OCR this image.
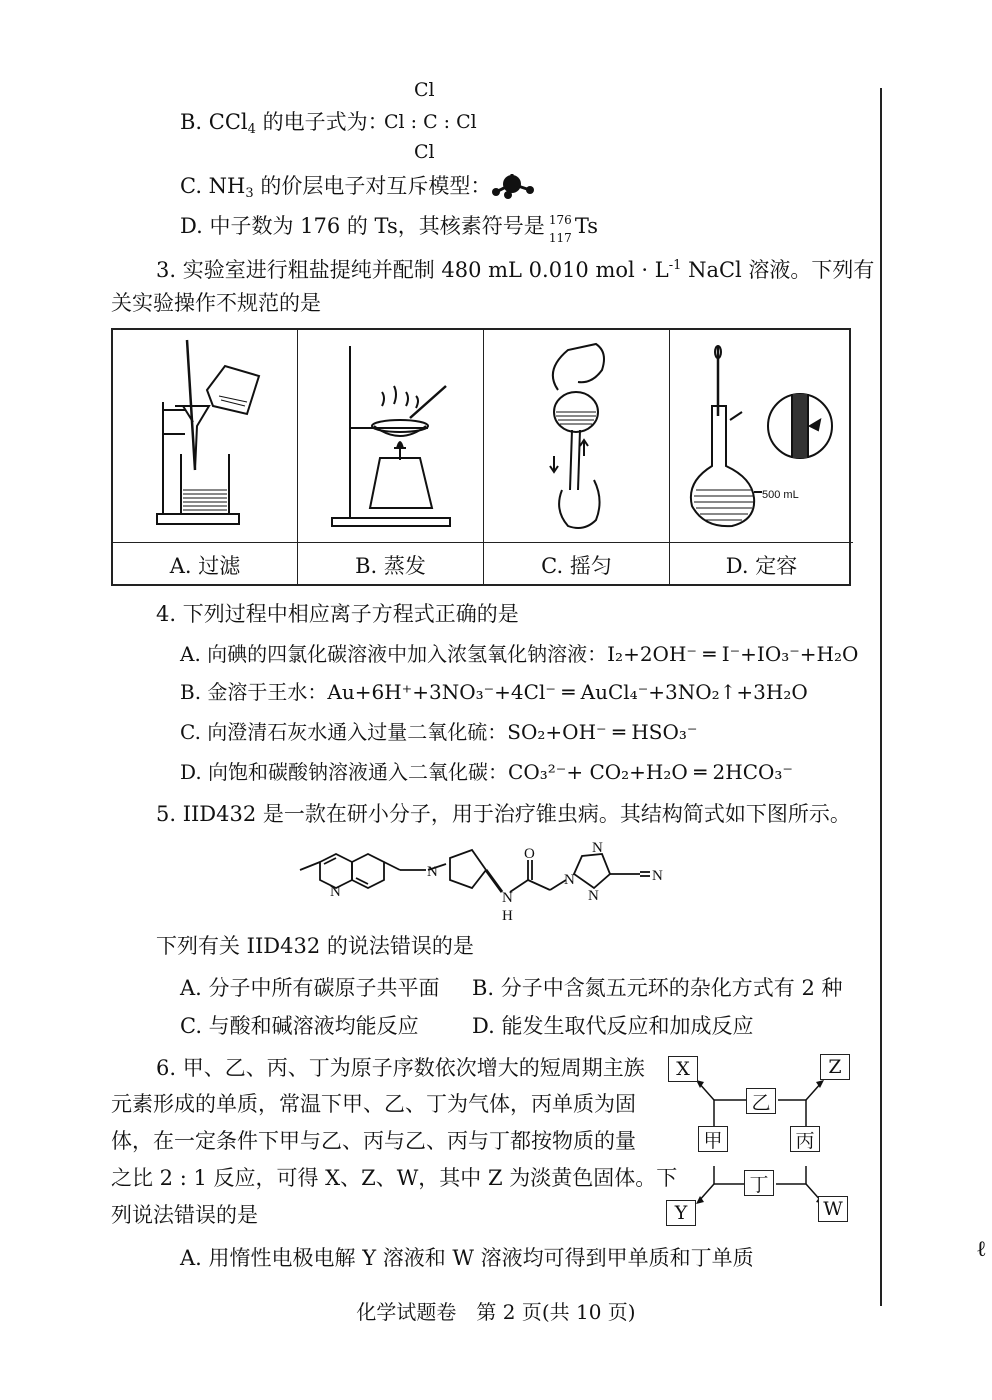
B. CCl$_4$ 的电子式为：
Cl
Cl : C : Cl
Cl
C. $NH_3$ 的价层电子对互斥模型：
D. 中子数为 176 的 Ts，其核素符号是 176
117 Ts
3. 实验室进行粗盐提纯并配制 480 mL 0.010 mol · $L^{-1}$ NaCl 溶液。下列有
关实验操作不规范的是
500 mL
A. 过滤	B. 蒸发	C. 摇匀	D. 定容
4. 下列过程中相应离子方程式正确的是
A. 向碘的四氯化碳溶液中加入浓氢氧化钠溶液：I₂+2OH⁻ ═ I⁻+IO₃⁻+H₂O
B. 金溶于王水：Au+6H⁺+3NO₃⁻+4Cl⁻ ═ AuCl₄⁻+3NO₂↑+3H₂O
C. 向澄清石灰水通入过量二氧化硫：SO₂+OH⁻ ═ HSO₃⁻
D. 向饱和碳酸钠溶液通入二氧化碳：CO₃²⁻+ CO₂+H₂O ═ 2HCO₃⁻
5. IID432 是一款在研小分子，用于治疗锥虫病。其结构简式如下图所示。
N
N
N
H
O
N
N
N
N
下列有关 IID432 的说法错误的是
A. 分子中所有碳原子共平面 B. 分子中含氮五元环的杂化方式有 2 种
C. 与酸和碱溶液均能反应	D. 能发生取代反应和加成反应
6. 甲、乙、丙、丁为原子序数依次增大的短周期主族
元素形成的单质，常温下甲、乙、丁为气体，丙单质为固
体，在一定条件下甲与乙、丙与乙、丙与丁都按物质的量
之比 2 : 1 反应，可得 X、Z、W，其中 Z 为淡黄色固体。下
列说法错误的是
X	Z
乙
甲	丙
丁
Y	W
A. 用惰性电极电解 Y 溶液和 W 溶液均可得到甲单质和丁单质	ℓ
化学试题卷　第 2 页(共 10 页)
